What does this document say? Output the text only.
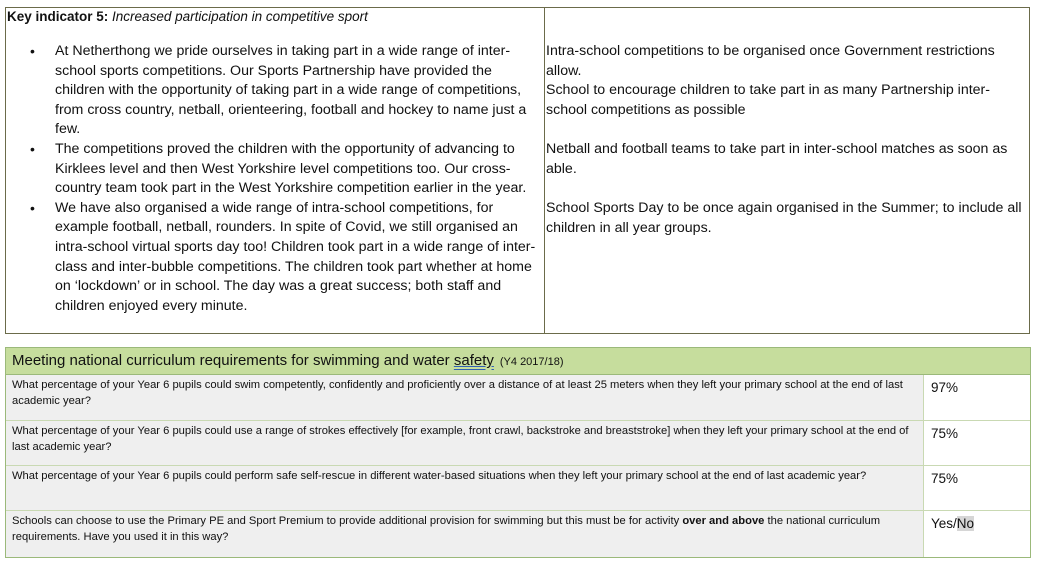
Key indicator 5: Increased participation in competitive sport
• At Netherthong we pride ourselves in taking part in a wide range of inter-school sports competitions. Our Sports Partnership have provided the children with the opportunity of taking part in a wide range of competitions, from cross country, netball, orienteering, football and hockey to name just a few.
• The competitions proved the children with the opportunity of advancing to Kirklees level and then West Yorkshire level competitions too. Our cross-country team took part in the West Yorkshire competition earlier in the year.
• We have also organised a wide range of intra-school competitions, for example football, netball, rounders. In spite of Covid, we still organised an intra-school virtual sports day too! Children took part in a wide range of inter-class and inter-bubble competitions. The children took part whether at home on ‘lockdown’ or in school. The day was a great success; both staff and children enjoyed every minute.

Intra-school competitions to be organised once Government restrictions allow.

School to encourage children to take part in as many Partnership inter-school competitions as possible

Netball and football teams to take part in inter-school matches as soon as able.

School Sports Day to be once again organised in the Summer; to include all children in all year groups.

Meeting national curriculum requirements for swimming and water safety (Y4 2017/18)
What percentage of your Year 6 pupils could swim competently, confidently and proficiently over a distance of at least 25 meters when they left your primary school at the end of last academic year?
97%
What percentage of your Year 6 pupils could use a range of strokes effectively [for example, front crawl, backstroke and breaststroke] when they left your primary school at the end of last academic year?
75%
What percentage of your Year 6 pupils could perform safe self-rescue in different water-based situations when they left your primary school at the end of last academic year?	75%
Schools can choose to use the Primary PE and Sport Premium to provide additional provision for swimming but this must be for activity over and above the national curriculum requirements. Have you used it in this way?
Yes/No
